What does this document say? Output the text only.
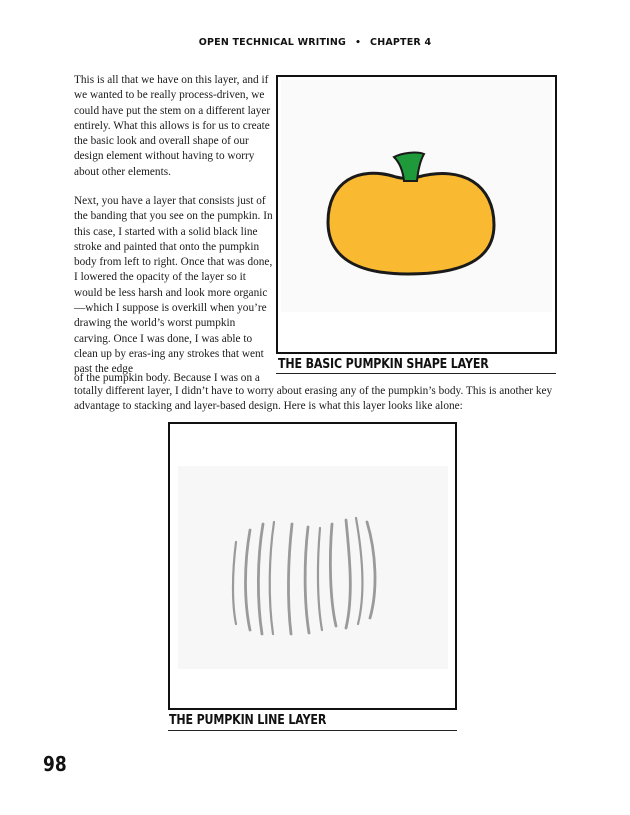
OPEN TECHNICAL WRITING • CHAPTER 4

This is all that we have on this layer, and if we wanted to be really process-driven, we could have put the stem on a different layer entirely. What this allows is for us to create the basic look and overall shape of our design element without having to worry about other elements.

Next, you have a layer that consists just of the banding that you see on the pumpkin. In this case, I started with a solid black line stroke and painted that onto the pumpkin body from left to right. Once that was done, I lowered the opacity of the layer so it would be less harsh and look more organic—which I suppose is overkill when you’re drawing the world’s worst pumpkin carving. Once I was done, I was able to clean up by eras-ing any strokes that went past the edge

of the pumpkin body. Because I was on a

totally different layer, I didn’t have to worry about erasing any of the pumpkin’s body. This is another key advantage to stacking and layer-based design. Here is what this layer looks like alone:

THE BASIC PUMPKIN SHAPE LAYER
THE PUMPKIN LINE LAYER
98
